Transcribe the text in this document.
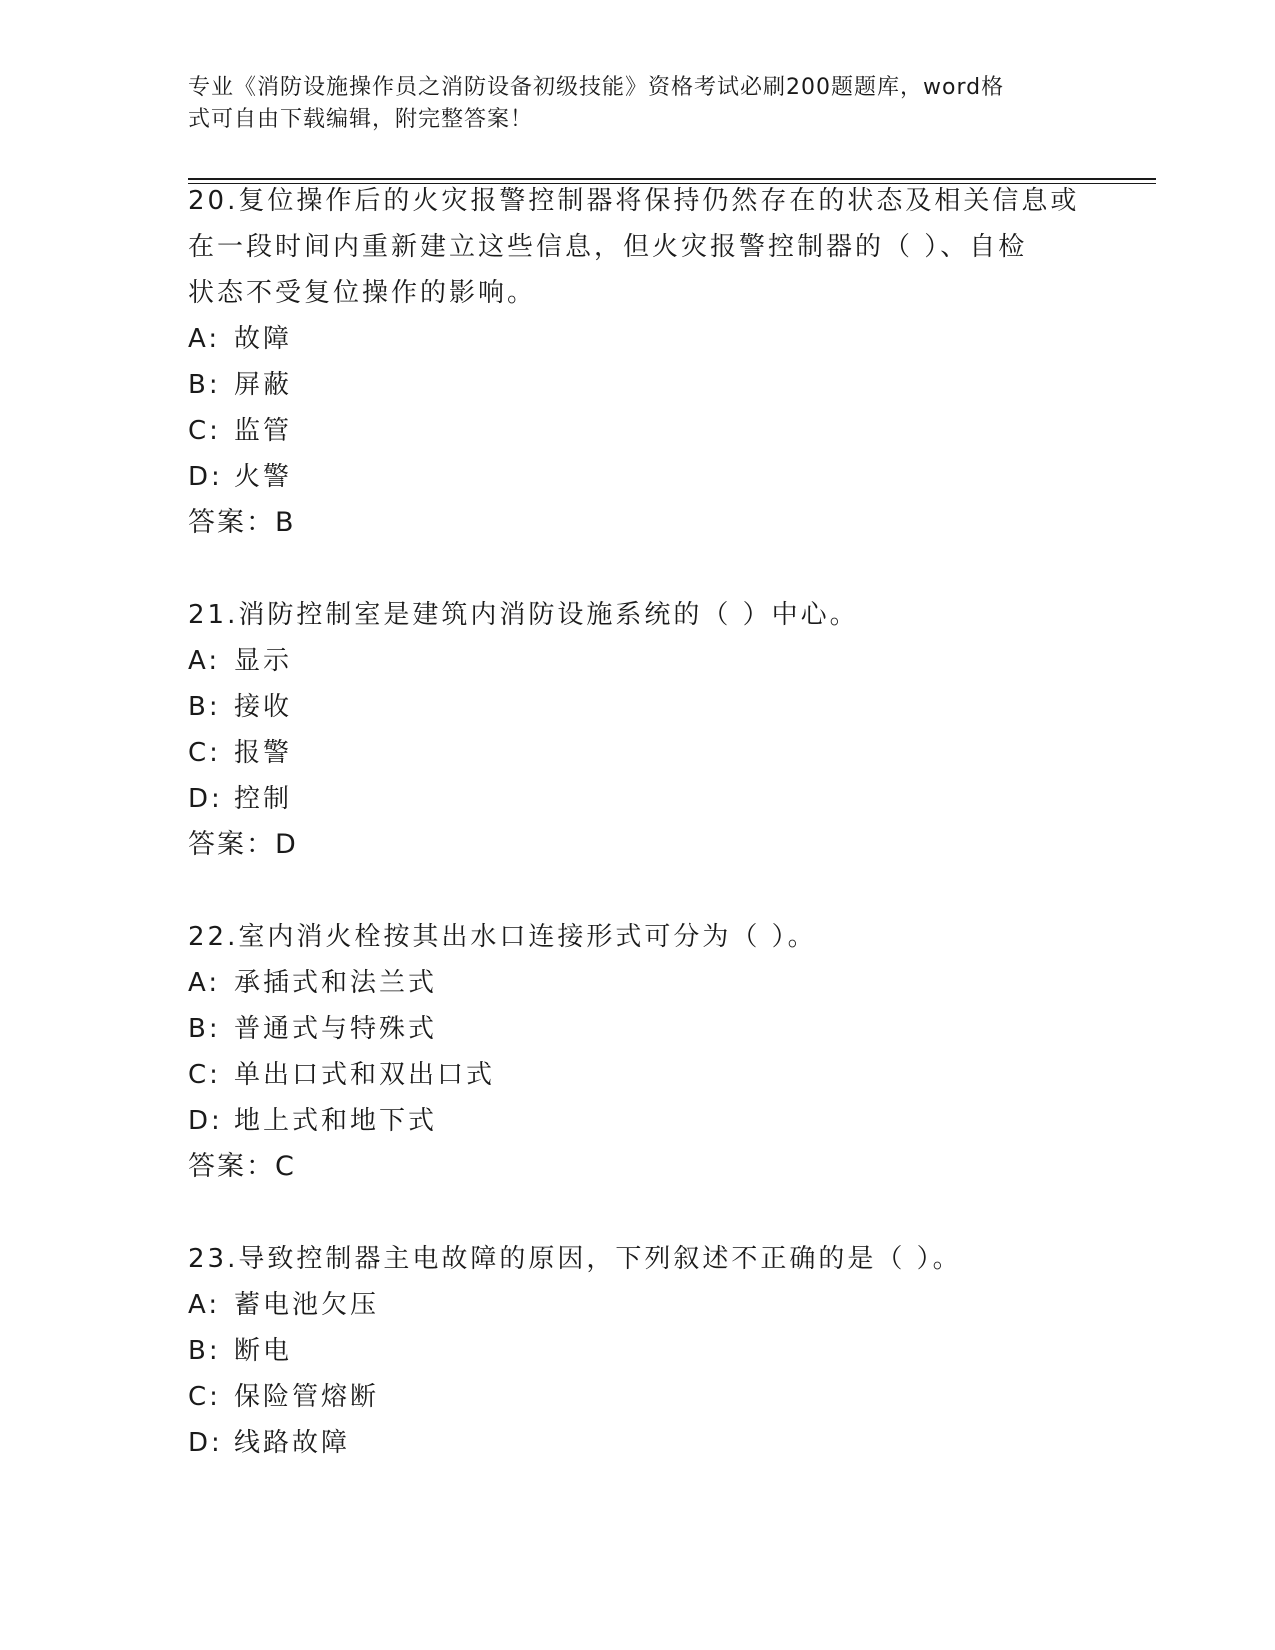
专业《消防设施操作员之消防设备初级技能》资格考试必刷200题题库，word格
式可自由下载编辑，附完整答案！
20.复位操作后的火灾报警控制器将保持仍然存在的状态及相关信息或
在一段时间内重新建立这些信息，但火灾报警控制器的（ ）、自检
状态不受复位操作的影响。
A: 故障
B: 屏蔽
C: 监管
D: 火警
答案：B
21.消防控制室是建筑内消防设施系统的（ ）中心。
A: 显示
B: 接收
C: 报警
D: 控制
答案：D
22.室内消火栓按其出水口连接形式可分为（ ）。
A: 承插式和法兰式
B: 普通式与特殊式
C: 单出口式和双出口式
D: 地上式和地下式
答案：C
23.导致控制器主电故障的原因，下列叙述不正确的是（ ）。
A: 蓄电池欠压
B: 断电
C: 保险管熔断
D: 线路故障
